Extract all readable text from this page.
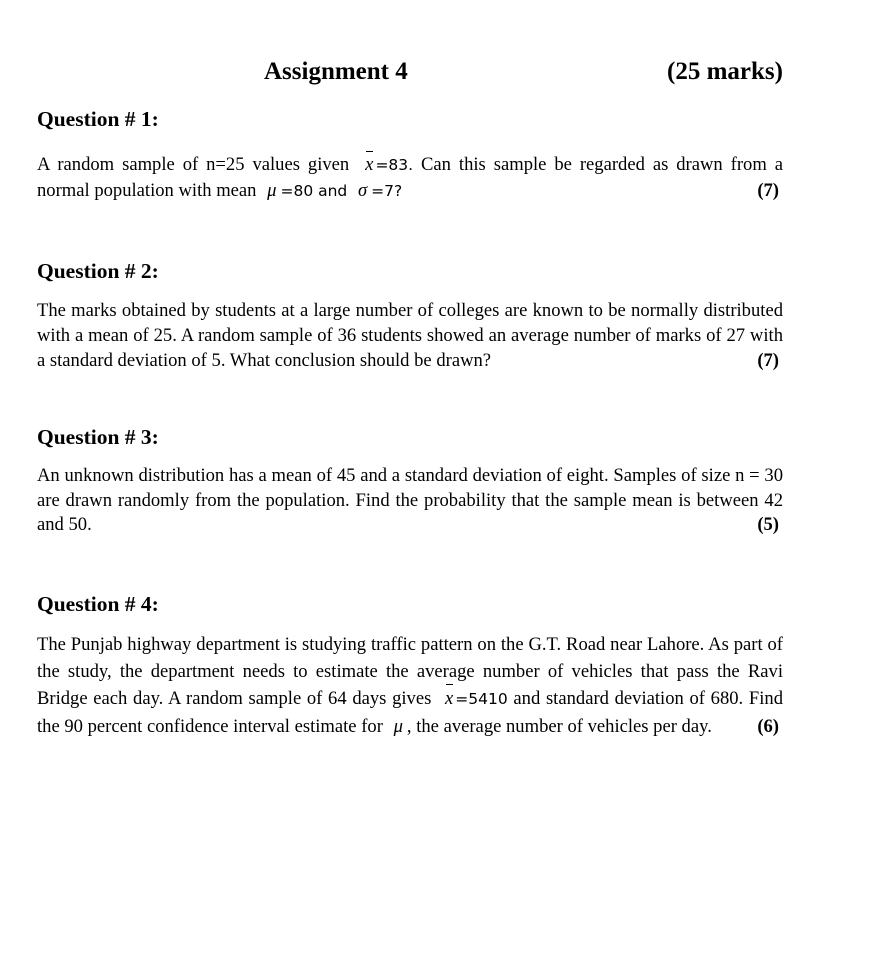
Assignment 4	(25 marks)

Question # 1:

A random sample of n=25 values given x =83. Can this sample be regarded as drawn from a normal population with mean μ =80 and σ =7?	(7)

Question # 2:

The marks obtained by students at a large number of colleges are known to be normally distributed with a mean of 25. A random sample of 36 students showed an average number of marks of 27 with a standard deviation of 5. What conclusion should be drawn?	(7)

Question # 3:

An unknown distribution has a mean of 45 and a standard deviation of eight. Samples of size n = 30 are drawn randomly from the population. Find the probability that the sample mean is between 42 and 50.	(5)

Question # 4:

The Punjab highway department is studying traffic pattern on the G.T. Road near Lahore. As part of the study, the department needs to estimate the average number of vehicles that pass the Ravi Bridge each day. A random sample of 64 days gives x =5410 and standard deviation of 680. Find the 90 percent confidence interval estimate for μ , the average number of vehicles per day. (6)
